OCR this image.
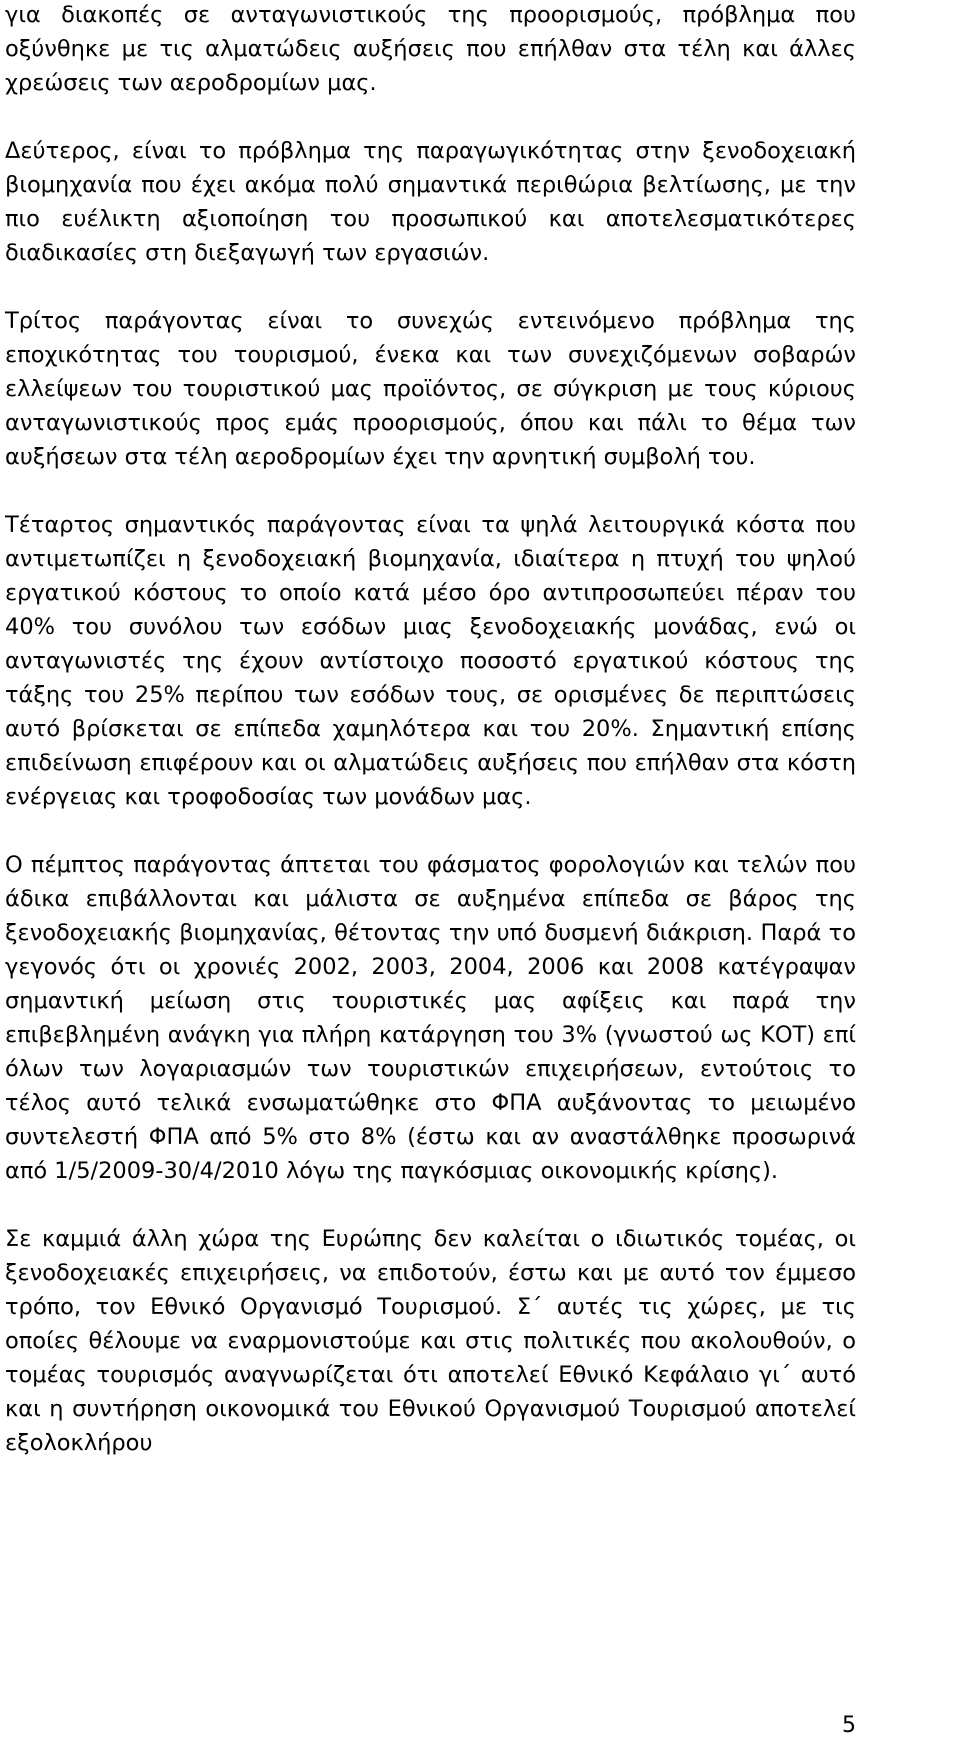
για διακοπές σε ανταγωνιστικούς της προορισμούς, πρόβλημα που οξύνθηκε με τις αλματώδεις αυξήσεις που επήλθαν στα τέλη και άλλες χρεώσεις των αεροδρομίων μας.

Δεύτερος, είναι το πρόβλημα της παραγωγικότητας στην ξενοδοχειακή βιομηχανία που έχει ακόμα πολύ σημαντικά περιθώρια βελτίωσης, με την πιο ευέλικτη αξιοποίηση του προσωπικού και αποτελεσματικότερες διαδικασίες στη διεξαγωγή των εργασιών.

Τρίτος παράγοντας είναι το συνεχώς εντεινόμενο πρόβλημα της εποχικότητας του τουρισμού, ένεκα και των συνεχιζόμενων σοβαρών ελλείψεων του τουριστικού μας προϊόντος, σε σύγκριση με τους κύριους ανταγωνιστικούς προς εμάς προορισμούς, όπου και πάλι το θέμα των αυξήσεων στα τέλη αεροδρομίων έχει την αρνητική συμβολή του.

Τέταρτος σημαντικός παράγοντας είναι τα ψηλά λειτουργικά κόστα που αντιμετωπίζει η ξενοδοχειακή βιομηχανία, ιδιαίτερα η πτυχή του ψηλού εργατικού κόστους το οποίο κατά μέσο όρο αντιπροσωπεύει πέραν του 40% του συνόλου των εσόδων μιας ξενοδοχειακής μονάδας, ενώ οι ανταγωνιστές της έχουν αντίστοιχο ποσοστό εργατικού κόστους της τάξης του 25% περίπου των εσόδων τους, σε ορισμένες δε περιπτώσεις αυτό βρίσκεται σε επίπεδα χαμηλότερα και του 20%. Σημαντική επίσης επιδείνωση επιφέρουν και οι αλματώδεις αυξήσεις που επήλθαν στα κόστη ενέργειας και τροφοδοσίας των μονάδων μας.

Ο πέμπτος παράγοντας άπτεται του φάσματος φορολογιών και τελών που άδικα επιβάλλονται και μάλιστα σε αυξημένα επίπεδα σε βάρος της ξενοδοχειακής βιομηχανίας, θέτοντας την υπό δυσμενή διάκριση. Παρά το γεγονός ότι οι χρονιές 2002, 2003, 2004, 2006 και 2008 κατέγραψαν σημαντική μείωση στις τουριστικές μας αφίξεις και παρά την επιβεβλημένη ανάγκη για πλήρη κατάργηση του 3% (γνωστού ως ΚΟΤ) επί όλων των λογαριασμών των τουριστικών επιχειρήσεων, εντούτοις το τέλος αυτό τελικά ενσωματώθηκε στο ΦΠΑ αυξάνοντας το μειωμένο συντελεστή ΦΠΑ από 5% στο 8% (έστω και αν αναστάλθηκε προσωρινά από 1/5/2009-30/4/2010 λόγω της παγκόσμιας οικονομικής κρίσης).

Σε καμμιά άλλη χώρα της Ευρώπης δεν καλείται ο ιδιωτικός τομέας, οι ξενοδοχειακές επιχειρήσεις, να επιδοτούν, έστω και με αυτό τον έμμεσο τρόπο, τον Εθνικό Οργανισμό Τουρισμού. Σ΄ αυτές τις χώρες, με τις οποίες θέλουμε να εναρμονιστούμε και στις πολιτικές που ακολουθούν, ο τομέας τουρισμός αναγνωρίζεται ότι αποτελεί Εθνικό Κεφάλαιο γι΄ αυτό και η συντήρηση οικονομικά του Εθνικού Οργανισμού Τουρισμού αποτελεί εξολοκλήρου

5
